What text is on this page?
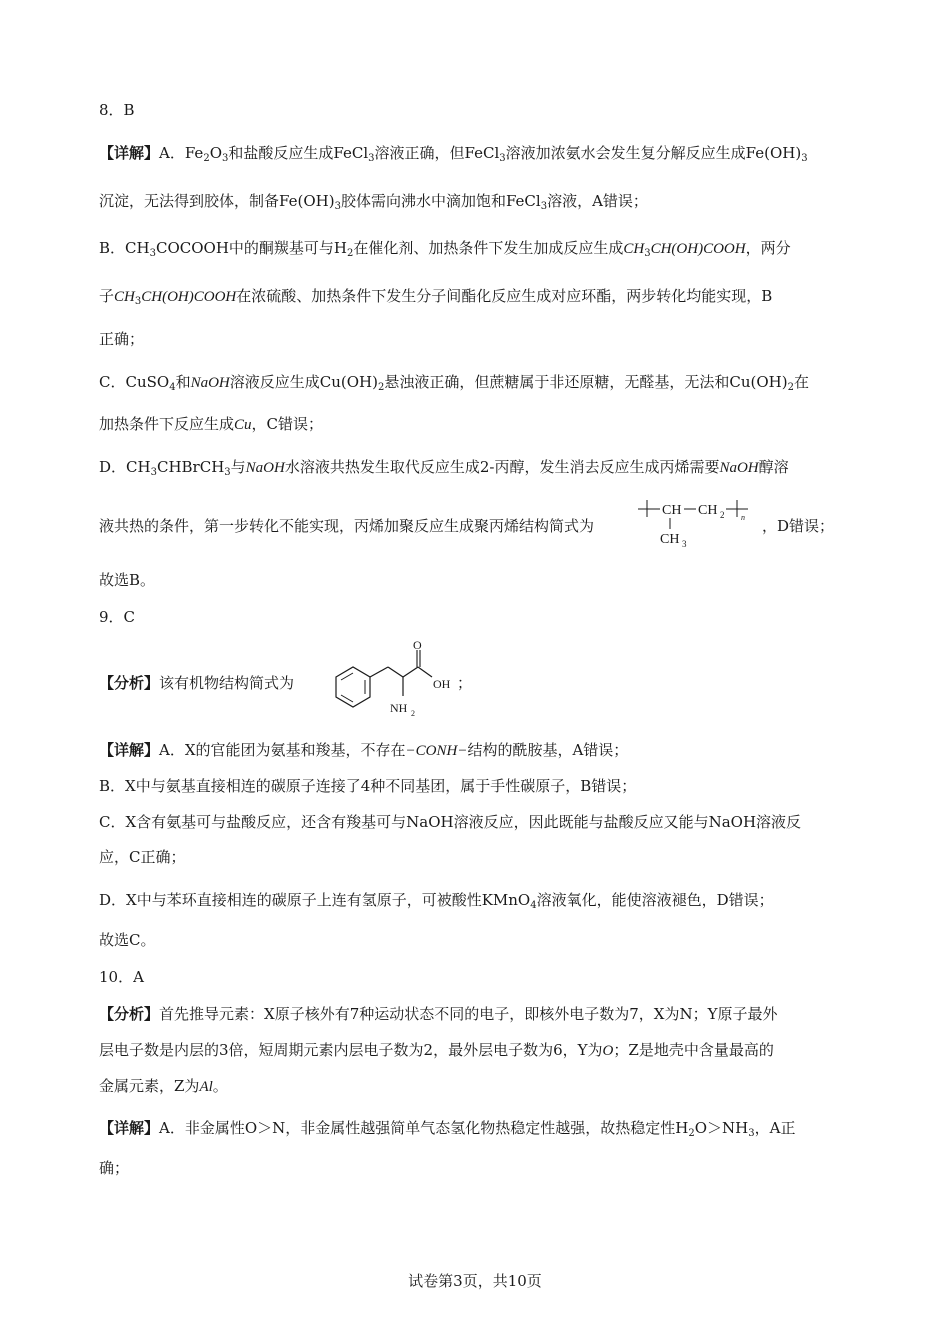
8．B
【详解】A．$Fe_2O_3$和盐酸反应生成FeCl$_3$溶液正确，但FeCl$_3$溶液加浓氨水会发生复分解反应生成$Fe(OH)_3$
沉淀，无法得到胶体，制备$Fe(OH)_3$胶体需向沸水中滴加饱和FeCl$_3$溶液，A错误；
B．$CH_3COCOOH$中的酮羰基可与$H_2$在催化剂、加热条件下发生加成反应生成$CH_3CH(OH)COOH$，两分
子$CH_3CH(OH)COOH$在浓硫酸、加热条件下发生分子间酯化反应生成对应环酯，两步转化均能实现，B
正确；
C．CuSO$_4$和NaOH溶液反应生成$Cu(OH)_2$悬浊液正确，但蔗糖属于非还原糖，无醛基，无法和$Cu(OH)_2$在
加热条件下反应生成Cu，C错误；
D．$CH_3CHBrCH_3$与NaOH水溶液共热发生取代反应生成2-丙醇，发生消去反应生成丙烯需要NaOH醇溶
液共热的条件，第一步转化不能实现，丙烯加聚反应生成聚丙烯结构简式为
CH CH 2 n
CH 3
，D错误；
故选B。
9．C
【分析】该有机物结构简式为
O
OH
NH 2
；
【详解】A．X的官能团为氨基和羧基，不存在−CONH−结构的酰胺基，A错误；
B．X中与氨基直接相连的碳原子连接了4种不同基团，属于手性碳原子，B错误；
C．X含有氨基可与盐酸反应，还含有羧基可与NaOH溶液反应，因此既能与盐酸反应又能与NaOH溶液反
应，C正确；
D．X中与苯环直接相连的碳原子上连有氢原子，可被酸性KMnO$_4$溶液氧化，能使溶液褪色，D错误；
故选C。
10．A
【分析】首先推导元素：X原子核外有7种运动状态不同的电子，即核外电子数为7，X为N；Y原子最外
层电子数是内层的3倍，短周期元素内层电子数为2，最外层电子数为6，Y为O；Z是地壳中含量最高的
金属元素，Z为Al。
【详解】A．非金属性O＞N，非金属性越强简单气态氢化物热稳定性越强，故热稳定性$H_2O>NH_3$，A正
确；
试卷第3页，共10页
